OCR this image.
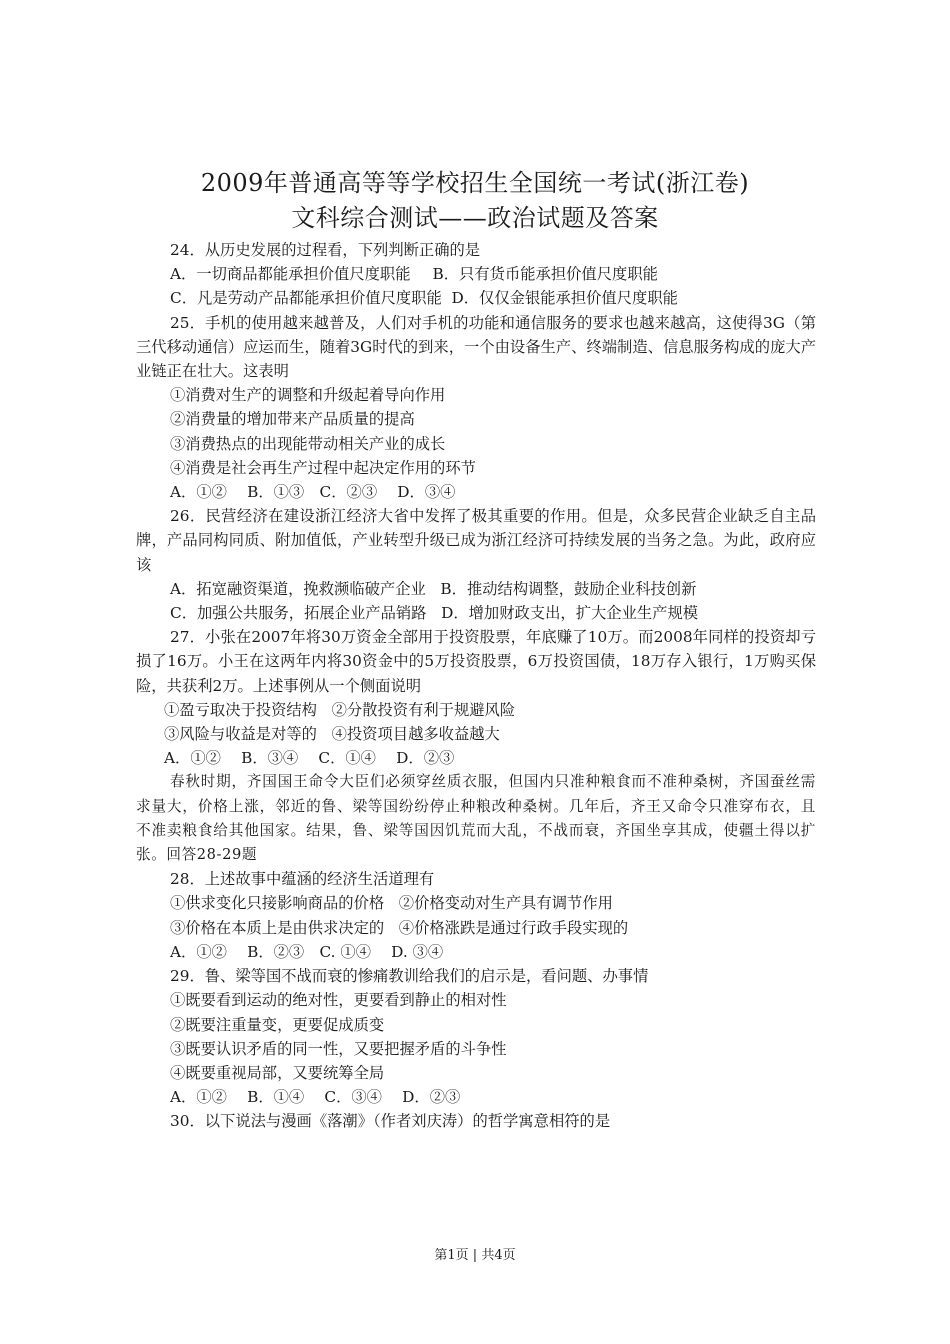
2009年普通高等等学校招生全国统一考试(浙江卷)
文科综合测试——政治试题及答案

24．从历史发展的过程看，下列判断正确的是

A．一切商品都能承担价值尺度职能 B．只有货币能承担价值尺度职能

C．凡是劳动产品都能承担价值尺度职能 D．仅仅金银能承担价值尺度职能

25．手机的使用越来越普及，人们对手机的功能和通信服务的要求也越来越高，这使得3G（第三代移动通信）应运而生，随着3G时代的到来，一个由设备生产、终端制造、信息服务构成的庞大产业链正在壮大。这表明

①消费对生产的调整和升级起着导向作用

②消费量的增加带来产品质量的提高

③消费热点的出现能带动相关产业的成长

④消费是社会再生产过程中起决定作用的环节

A．①②　 B．①③　C．②③　 D．③④

26．民营经济在建设浙江经济大省中发挥了极其重要的作用。但是，众多民营企业缺乏自主品牌，产品同构同质、附加值低，产业转型升级已成为浙江经济可持续发展的当务之急。为此，政府应该

A．拓宽融资渠道，挽救濒临破产企业 B．推动结构调整，鼓励企业科技创新

C．加强公共服务，拓展企业产品销路 D．增加财政支出，扩大企业生产规模

27．小张在2007年将30万资金全部用于投资股票，年底赚了10万。而2008年同样的投资却亏损了16万。小王在这两年内将30资金中的5万投资股票，6万投资国债，18万存入银行，1万购买保险，共获利2万。上述事例从一个侧面说明

①盈亏取决于投资结构 ②分散投资有利于规避风险

③风险与收益是对等的 ④投资项目越多收益越大

A．①②　 B．③④　 C．①④　 D．②③

春秋时期，齐国国王命令大臣们必须穿丝质衣服，但国内只准种粮食而不准种桑树，齐国蚕丝需求量大，价格上涨，邻近的鲁、梁等国纷纷停止种粮改种桑树。几年后，齐王又命令只准穿布衣，且不准卖粮食给其他国家。结果，鲁、梁等国因饥荒而大乱，不战而衰，齐国坐享其成，使疆土得以扩张。回答28-29题

28．上述故事中蕴涵的经济生活道理有

①供求变化只接影响商品的价格 ②价格变动对生产具有调节作用

③价格在本质上是由供求决定的 ④价格涨跌是通过行政手段实现的

A．①②　 B．②③　C. ①④　 D. ③④

29．鲁、梁等国不战而衰的惨痛教训给我们的启示是，看问题、办事情

①既要看到运动的绝对性，更要看到静止的相对性

②既要注重量变，更要促成质变

③既要认识矛盾的同一性，又要把握矛盾的斗争性

④既要重视局部，又要统筹全局

A．①②　 B．①④　 C．③④　 D．②③

30．以下说法与漫画《落潮》（作者刘庆涛）的哲学寓意相符的是

第1页 | 共4页
